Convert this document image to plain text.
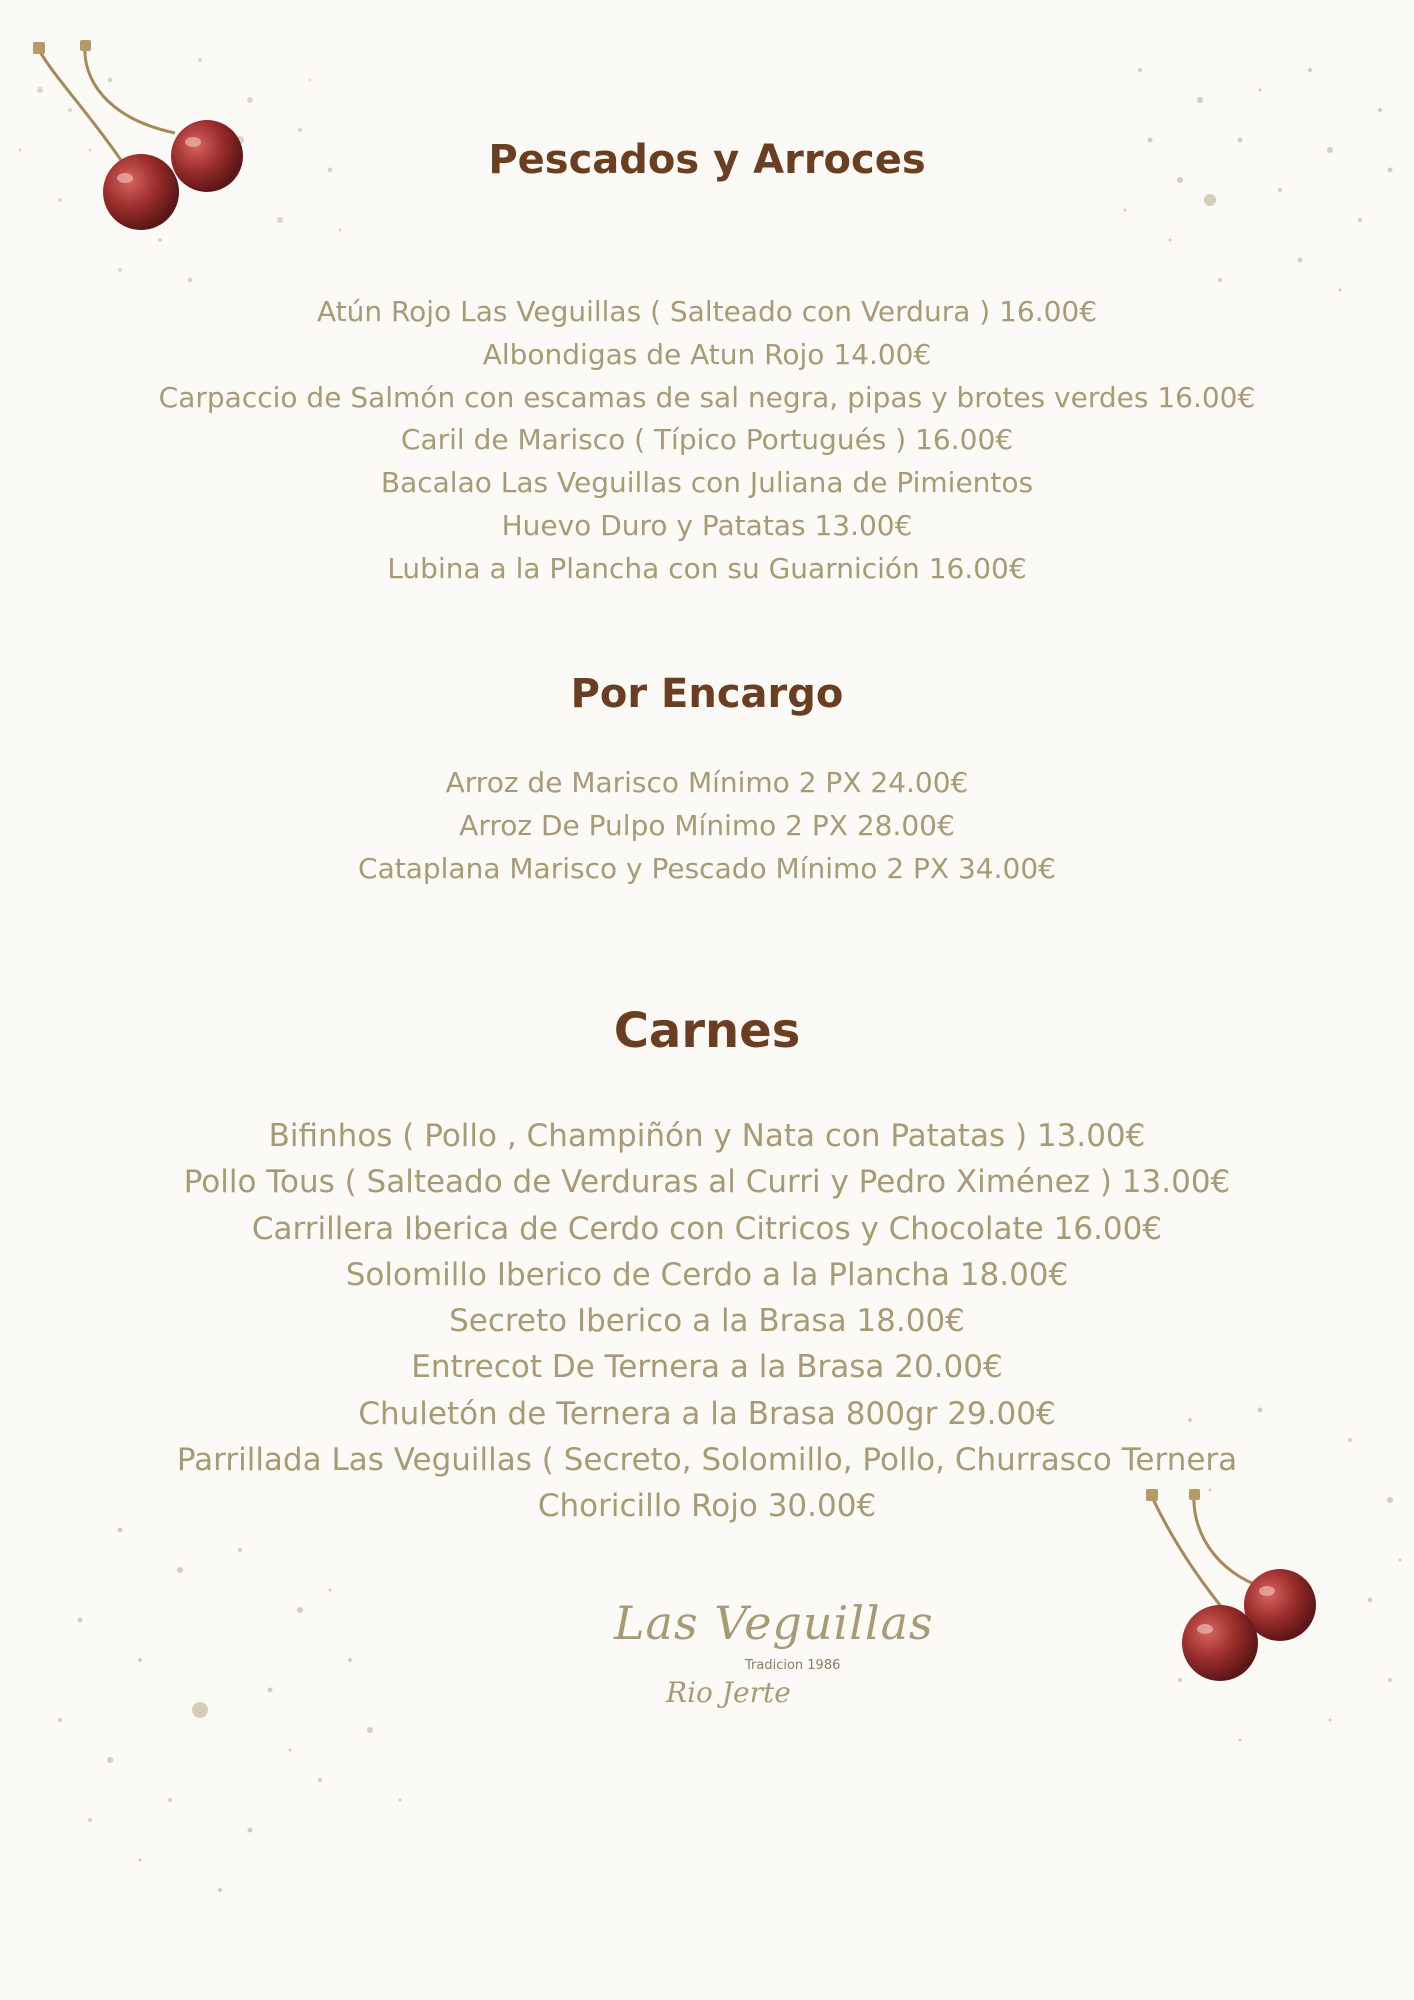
Pescados y Arroces
Atún Rojo Las Veguillas ( Salteado con Verdura ) 16.00€
Albondigas de Atun Rojo 14.00€
Carpaccio de Salmón con escamas de sal negra, pipas y brotes verdes 16.00€
Caril de Marisco ( Típico Portugués ) 16.00€
Bacalao Las Veguillas con Juliana de Pimientos
Huevo Duro y Patatas 13.00€
Lubina a la Plancha con su Guarnición 16.00€
Por Encargo
Arroz de Marisco Mínimo 2 PX 24.00€
Arroz De Pulpo Mínimo 2 PX 28.00€
Cataplana Marisco y Pescado Mínimo 2 PX 34.00€
Carnes
Bifinhos ( Pollo , Champiñón y Nata con Patatas ) 13.00€
Pollo Tous ( Salteado de Verduras al Curri y Pedro Ximénez ) 13.00€
Carrillera Iberica de Cerdo con Citricos y Chocolate 16.00€
Solomillo Iberico de Cerdo a la Plancha 18.00€
Secreto Iberico a la Brasa 18.00€
Entrecot De Ternera a la Brasa 20.00€
Chuletón de Ternera a la Brasa 800gr 29.00€
Parrillada Las Veguillas ( Secreto, Solomillo, Pollo, Churrasco Ternera
Choricillo Rojo 30.00€
Las Veguillas
Tradicion 1986
Rio Jerte
